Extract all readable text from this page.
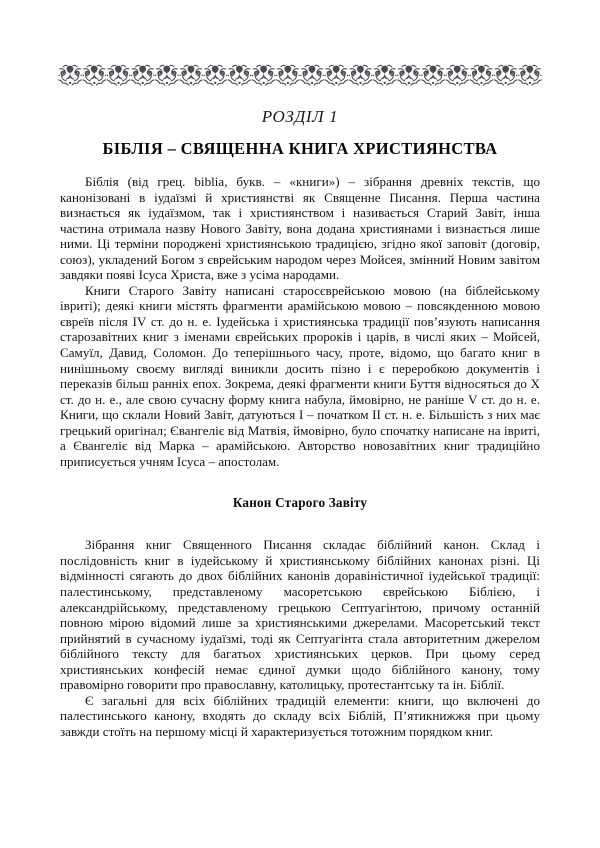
РОЗДІЛ 1
БІБЛІЯ – СВЯЩЕННА КНИГА ХРИСТИЯНСТВА

Біблія (від грец. biblia, букв. – «книги») – зібрання древніх текстів, що канонізовані в іудаїзмі й християнстві як Священне Писання. Перша частина визнається як іудаїзмом, так і християнством і називається Старий Завіт, інша частина отримала назву Нового Завіту, вона додана християнами і визнається лише ними. Ці терміни породжені християнською традицією, згідно якої заповіт (договір, союз), укладений Богом з єврейським народом через Мойсея, змінний Новим завітом завдяки появі Ісуса Христа, вже з усіма народами.

Книги Старого Завіту написані старосєврейською мовою (на біблейському івриті); деякі книги містять фрагменти арамійською мовою – повсякденною мовою євреїв після IV ст. до н. е. Іудейська і християнська традиції пов’язують написання старозавітних книг з іменами єврейських пророків і царів, в числі яких – Мойсей, Самуїл, Давид, Соломон. До теперішнього часу, проте, відомо, що багато книг в нинішньому своєму вигляді виникли досить пізно і є переробкою документів і переказів більш ранніх епох. Зокрема, деякі фрагменти книги Буття відносяться до X ст. до н. е., але свою сучасну форму книга набула, ймовірно, не раніше V ст. до н. е. Книги, що склали Новий Завіт, датуються I – початком II ст. н. е. Більшість з них має грецький оригінал; Євангеліє від Матвія, ймовірно, було спочатку написане на івриті, а Євангеліє від Марка – арамійською. Авторство новозавітних книг традиційно приписується учням Ісуса – апостолам.

Канон Старого Завіту

Зібрання книг Священного Писання складає біблійний канон. Склад і послідовність книг в іудейському й християнському біблійних канонах різні. Ці відмінності сягають до двох біблійних канонів доравіністичної іудейської традиції: палестинському, представленому масоретською єврейською Біблією, і александрійському, представленому грецькою Септуагінтою, причому останній повною мірою відомий лише за християнськими джерелами. Масоретський текст прийнятий в сучасному іудаїзмі, тоді як Септуагінта стала авторитетним джерелом біблійного тексту для багатьох християнських церков. При цьому серед християнських конфесій немає єдиної думки щодо біблійного канону, тому правомірно говорити про православну, католицьку, протестантську та ін. Біблії.

Є загальні для всіх біблійних традицій елементи: книги, що включені до палестинського канону, входять до складу всіх Біблій, П’ятикнижжя при цьому завжди стоїть на першому місці й характеризується тотожним порядком книг.
